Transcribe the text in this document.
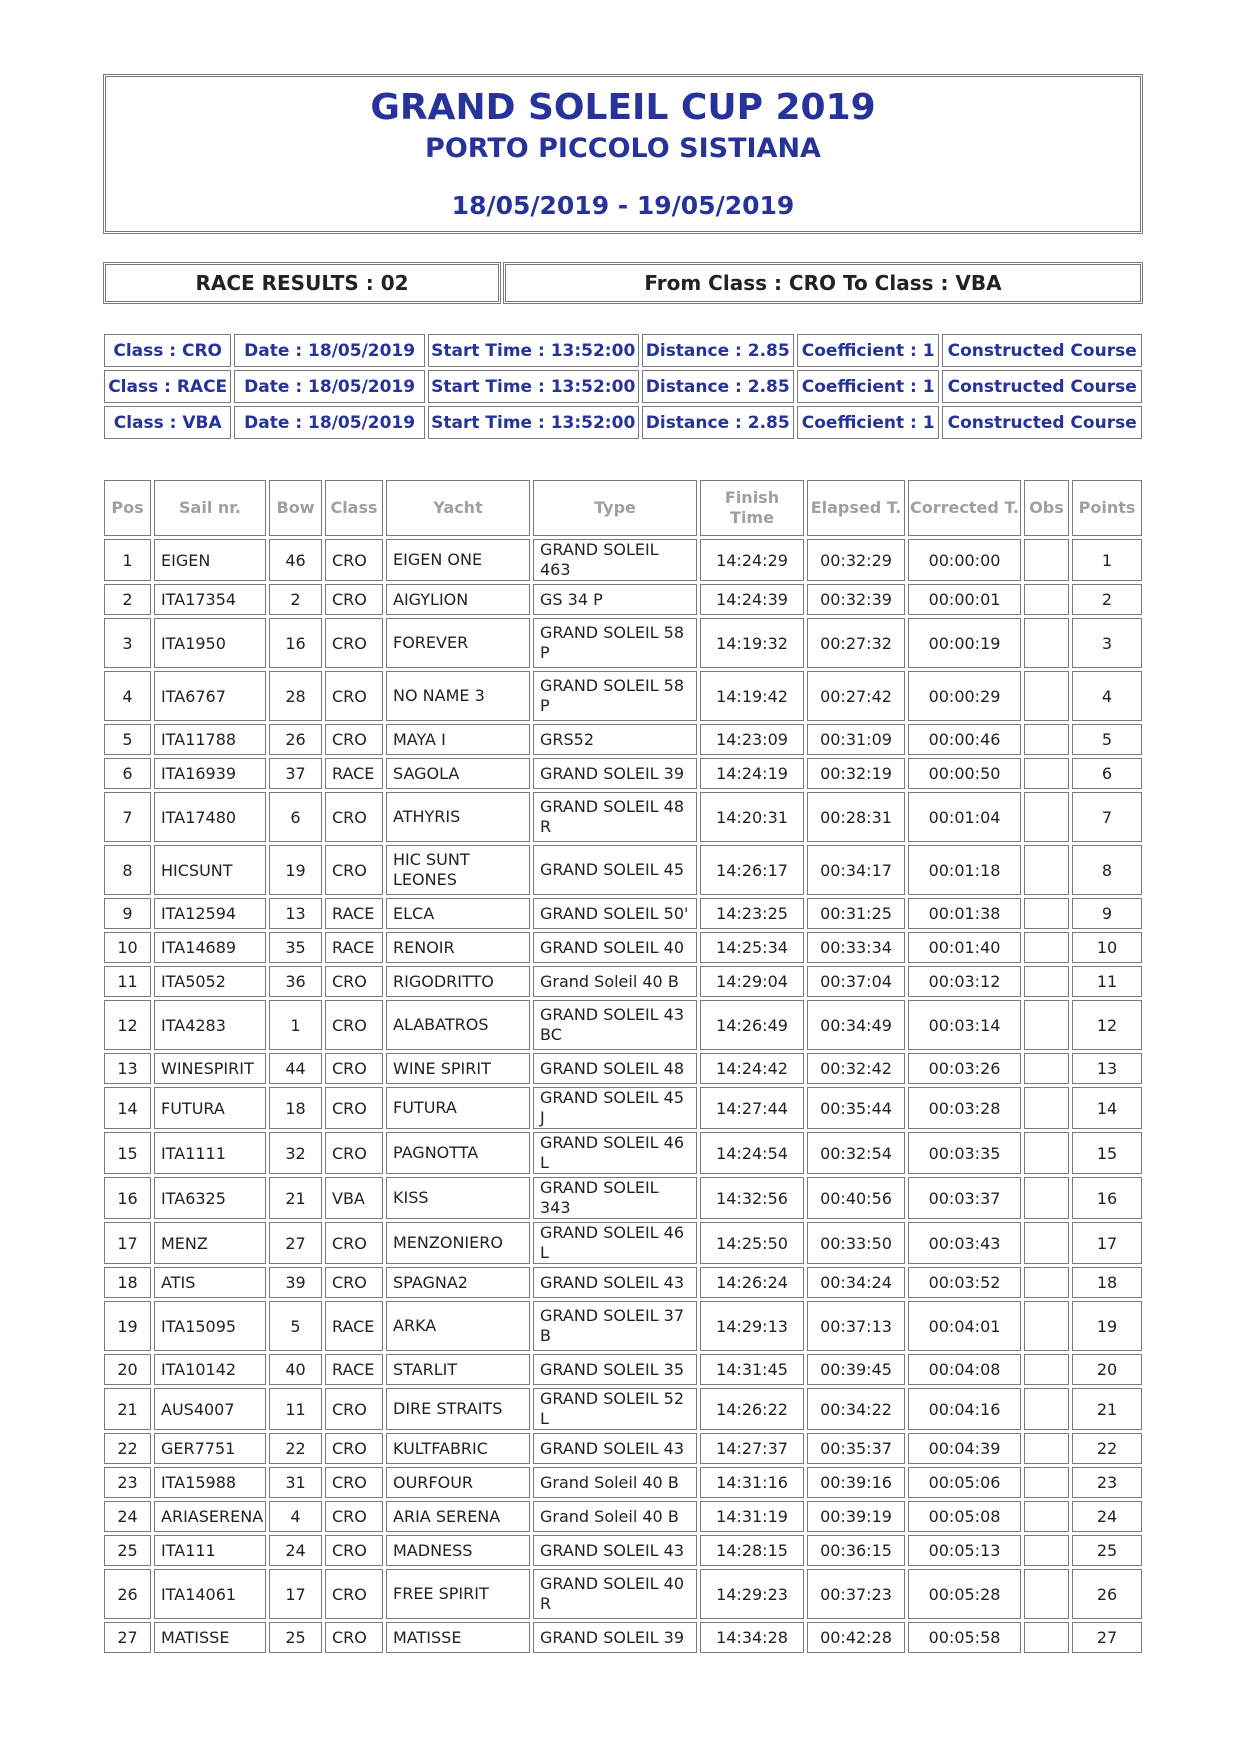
GRAND SOLEIL CUP 2019
PORTO PICCOLO SISTIANA
18/05/2019 - 19/05/2019
RACE RESULTS : 02	From Class : CRO To Class : VBA
Class : CRO	Date : 18/05/2019	Start Time : 13:52:00	Distance : 2.85	Coefficient : 1	Constructed Course
Class : RACE	Date : 18/05/2019	Start Time : 13:52:00	Distance : 2.85	Coefficient : 1	Constructed Course
Class : VBA	Date : 18/05/2019	Start Time : 13:52:00	Distance : 2.85	Coefficient : 1	Constructed Course
Pos	Sail nr.	Bow	Class	Yacht	Type	Finish Time	Elapsed T.	Corrected T.	Obs	Points
1	EIGEN	46	CRO	EIGEN ONE	GRAND SOLEIL 463	14:24:29	00:32:29	00:00:00		1
2	ITA17354	2	CRO	AIGYLION	GS 34 P	14:24:39	00:32:39	00:00:01		2
3	ITA1950	16	CRO	FOREVER	GRAND SOLEIL 58 P	14:19:32	00:27:32	00:00:19		3
4	ITA6767	28	CRO	NO NAME 3	GRAND SOLEIL 58 P	14:19:42	00:27:42	00:00:29		4
5	ITA11788	26	CRO	MAYA I	GRS52	14:23:09	00:31:09	00:00:46		5
6	ITA16939	37	RACE	SAGOLA	GRAND SOLEIL 39	14:24:19	00:32:19	00:00:50		6
7	ITA17480	6	CRO	ATHYRIS	GRAND SOLEIL 48 R	14:20:31	00:28:31	00:01:04		7
8	HICSUNT	19	CRO	HIC SUNT LEONES	GRAND SOLEIL 45	14:26:17	00:34:17	00:01:18		8
9	ITA12594	13	RACE	ELCA	GRAND SOLEIL 50'	14:23:25	00:31:25	00:01:38		9
10	ITA14689	35	RACE	RENOIR	GRAND SOLEIL 40	14:25:34	00:33:34	00:01:40		10
11	ITA5052	36	CRO	RIGODRITTO	Grand Soleil 40 B	14:29:04	00:37:04	00:03:12		11
12	ITA4283	1	CRO	ALABATROS	GRAND SOLEIL 43 BC	14:26:49	00:34:49	00:03:14		12
13	WINESPIRIT	44	CRO	WINE SPIRIT	GRAND SOLEIL 48	14:24:42	00:32:42	00:03:26		13
14	FUTURA	18	CRO	FUTURA	GRAND SOLEIL 45 J	14:27:44	00:35:44	00:03:28		14
15	ITA1111	32	CRO	PAGNOTTA	GRAND SOLEIL 46 L	14:24:54	00:32:54	00:03:35		15
16	ITA6325	21	VBA	KISS	GRAND SOLEIL 343	14:32:56	00:40:56	00:03:37		16
17	MENZ	27	CRO	MENZONIERO	GRAND SOLEIL 46 L	14:25:50	00:33:50	00:03:43		17
18	ATIS	39	CRO	SPAGNA2	GRAND SOLEIL 43	14:26:24	00:34:24	00:03:52		18
19	ITA15095	5	RACE	ARKA	GRAND SOLEIL 37 B	14:29:13	00:37:13	00:04:01		19
20	ITA10142	40	RACE	STARLIT	GRAND SOLEIL 35	14:31:45	00:39:45	00:04:08		20
21	AUS4007	11	CRO	DIRE STRAITS	GRAND SOLEIL 52 L	14:26:22	00:34:22	00:04:16		21
22	GER7751	22	CRO	KULTFABRIC	GRAND SOLEIL 43	14:27:37	00:35:37	00:04:39		22
23	ITA15988	31	CRO	OURFOUR	Grand Soleil 40 B	14:31:16	00:39:16	00:05:06		23
24	ARIASERENA	4	CRO	ARIA SERENA	Grand Soleil 40 B	14:31:19	00:39:19	00:05:08		24
25	ITA111	24	CRO	MADNESS	GRAND SOLEIL 43	14:28:15	00:36:15	00:05:13		25
26	ITA14061	17	CRO	FREE SPIRIT	GRAND SOLEIL 40 R	14:29:23	00:37:23	00:05:28		26
27	MATISSE	25	CRO	MATISSE	GRAND SOLEIL 39	14:34:28	00:42:28	00:05:58		27
